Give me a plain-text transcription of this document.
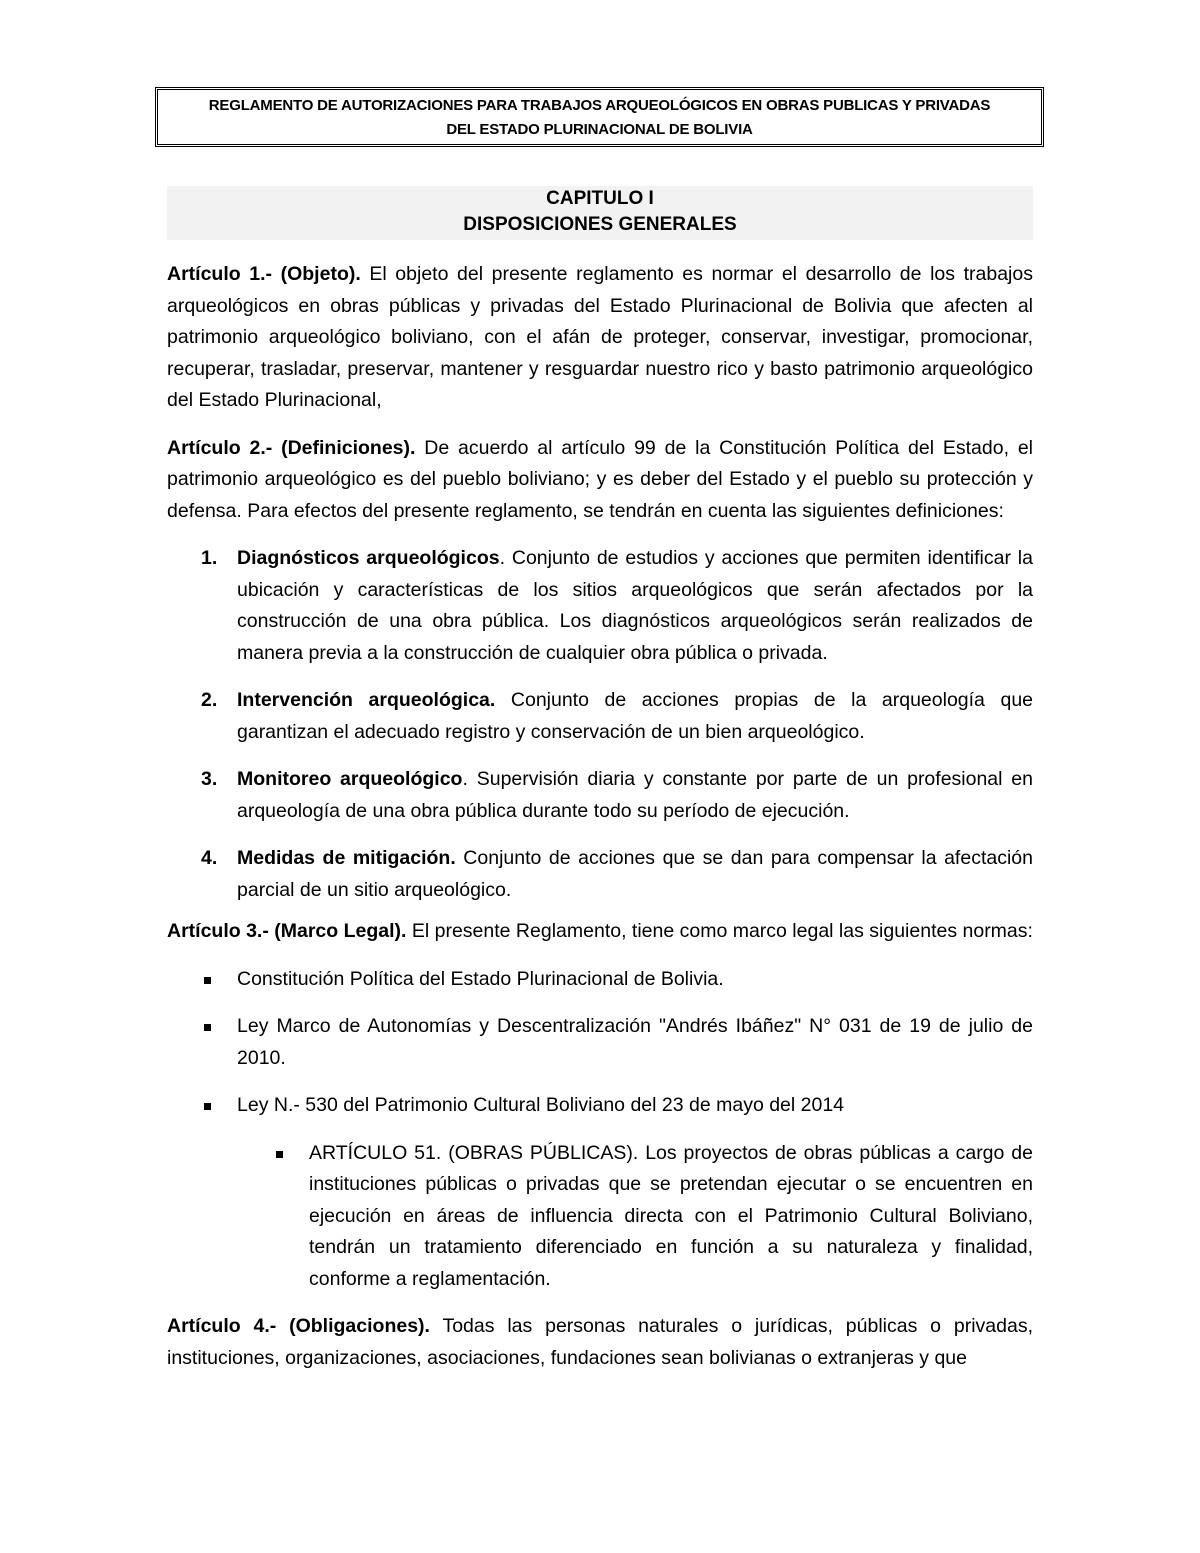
REGLAMENTO DE AUTORIZACIONES PARA TRABAJOS ARQUEOLÓGICOS EN OBRAS PUBLICAS Y PRIVADAS
DEL ESTADO PLURINACIONAL DE BOLIVIA
CAPITULO I
DISPOSICIONES GENERALES

Artículo 1.- (Objeto). El objeto del presente reglamento es normar el desarrollo de los trabajos arqueológicos en obras públicas y privadas del Estado Plurinacional de Bolivia que afecten al patrimonio arqueológico boliviano, con el afán de proteger, conservar, investigar, promocionar, recuperar, trasladar, preservar, mantener y resguardar nuestro rico y basto patrimonio arqueológico del Estado Plurinacional,

Artículo 2.- (Definiciones). De acuerdo al artículo 99 de la Constitución Política del Estado, el patrimonio arqueológico es del pueblo boliviano; y es deber del Estado y el pueblo su protección y defensa. Para efectos del presente reglamento, se tendrán en cuenta las siguientes definiciones:

1. Diagnósticos arqueológicos. Conjunto de estudios y acciones que permiten identificar la ubicación y características de los sitios arqueológicos que serán afectados por la construcción de una obra pública. Los diagnósticos arqueológicos serán realizados de manera previa a la construcción de cualquier obra pública o privada.
2. Intervención arqueológica. Conjunto de acciones propias de la arqueología que garantizan el adecuado registro y conservación de un bien arqueológico.
3. Monitoreo arqueológico. Supervisión diaria y constante por parte de un profesional en arqueología de una obra pública durante todo su período de ejecución.
4. Medidas de mitigación. Conjunto de acciones que se dan para compensar la afectación parcial de un sitio arqueológico.

Artículo 3.- (Marco Legal). El presente Reglamento, tiene como marco legal las siguientes normas:

Constitución Política del Estado Plurinacional de Bolivia.
Ley Marco de Autonomías y Descentralización "Andrés Ibáñez" N° 031 de 19 de julio de 2010.
Ley N.- 530 del Patrimonio Cultural Boliviano del 23 de mayo del 2014
ARTÍCULO 51. (OBRAS PÚBLICAS). Los proyectos de obras públicas a cargo de instituciones públicas o privadas que se pretendan ejecutar o se encuentren en ejecución en áreas de influencia directa con el Patrimonio Cultural Boliviano, tendrán un tratamiento diferenciado en función a su naturaleza y finalidad, conforme a reglamentación.

Artículo 4.- (Obligaciones). Todas las personas naturales o jurídicas, públicas o privadas, instituciones, organizaciones, asociaciones, fundaciones sean bolivianas o extranjeras y que
